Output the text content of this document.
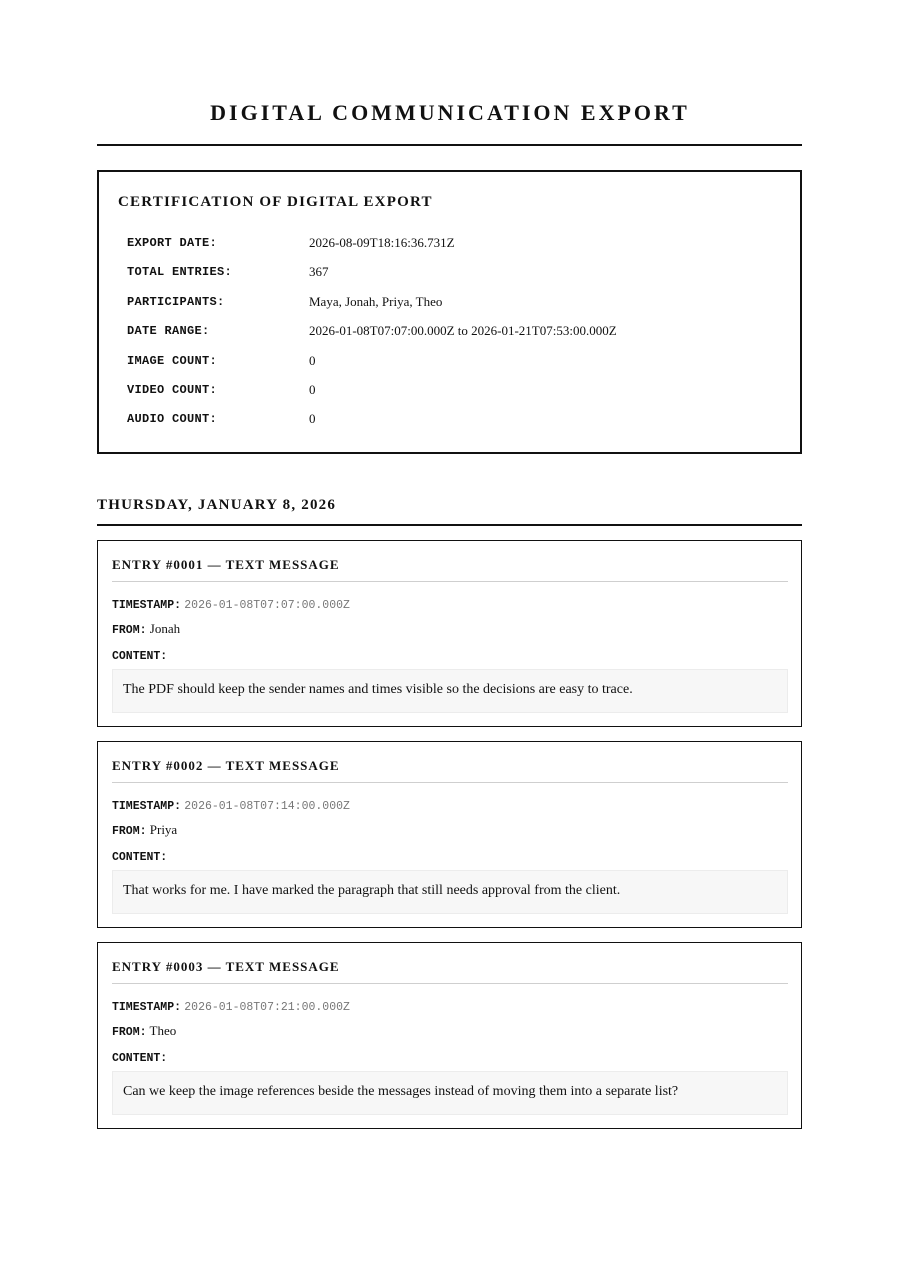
DIGITAL COMMUNICATION EXPORT
CERTIFICATION OF DIGITAL EXPORT
EXPORT DATE:	2026-08-09T18:16:36.731Z
TOTAL ENTRIES:	367
PARTICIPANTS:	Maya, Jonah, Priya, Theo
DATE RANGE:	2026-01-08T07:07:00.000Z to 2026-01-21T07:53:00.000Z
IMAGE COUNT:	0
VIDEO COUNT:	0
AUDIO COUNT:	0
THURSDAY, JANUARY 8, 2026
ENTRY #0001 — TEXT MESSAGE
TIMESTAMP: 2026-01-08T07:07:00.000Z
FROM: Jonah
CONTENT:
The PDF should keep the sender names and times visible so the decisions are easy to trace.
ENTRY #0002 — TEXT MESSAGE
TIMESTAMP: 2026-01-08T07:14:00.000Z
FROM: Priya
CONTENT:
That works for me. I have marked the paragraph that still needs approval from the client.
ENTRY #0003 — TEXT MESSAGE
TIMESTAMP: 2026-01-08T07:21:00.000Z
FROM: Theo
CONTENT:
Can we keep the image references beside the messages instead of moving them into a separate list?
